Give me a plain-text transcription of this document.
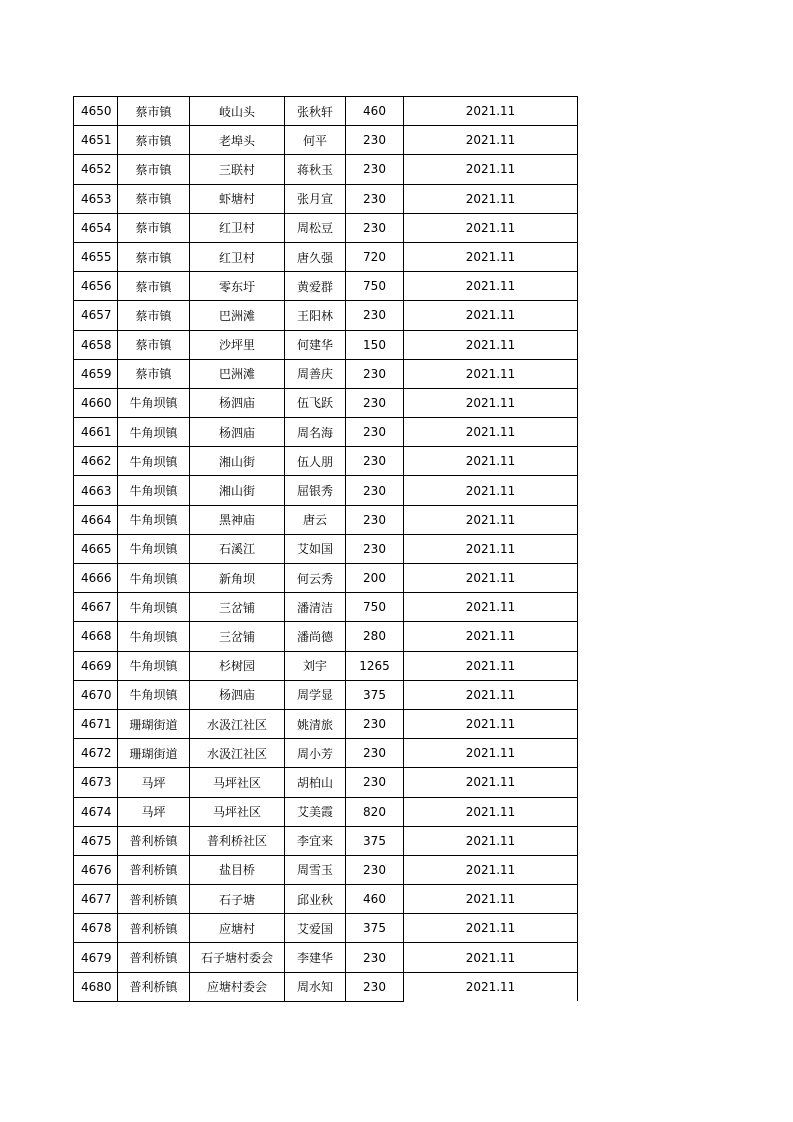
4650	蔡市镇	岐山头	张秋轩	460	2021.11
4651	蔡市镇	老埠头	何平	230	2021.11
4652	蔡市镇	三联村	蒋秋玉	230	2021.11
4653	蔡市镇	虾塘村	张月宣	230	2021.11
4654	蔡市镇	红卫村	周松豆	230	2021.11
4655	蔡市镇	红卫村	唐久强	720	2021.11
4656	蔡市镇	零东圩	黄爱群	750	2021.11
4657	蔡市镇	巴洲滩	王阳林	230	2021.11
4658	蔡市镇	沙坪里	何建华	150	2021.11
4659	蔡市镇	巴洲滩	周善庆	230	2021.11
4660	牛角坝镇	杨泗庙	伍飞跃	230	2021.11
4661	牛角坝镇	杨泗庙	周名海	230	2021.11
4662	牛角坝镇	湘山街	伍人朋	230	2021.11
4663	牛角坝镇	湘山街	屈银秀	230	2021.11
4664	牛角坝镇	黑神庙	唐云	230	2021.11
4665	牛角坝镇	石溪江	艾如国	230	2021.11
4666	牛角坝镇	新角坝	何云秀	200	2021.11
4667	牛角坝镇	三岔铺	潘清洁	750	2021.11
4668	牛角坝镇	三岔铺	潘尚德	280	2021.11
4669	牛角坝镇	杉树园	刘宇	1265	2021.11
4670	牛角坝镇	杨泗庙	周学显	375	2021.11
4671	珊瑚街道	水汲江社区	姚清旅	230	2021.11
4672	珊瑚街道	水汲江社区	周小芳	230	2021.11
4673	马坪	马坪社区	胡柏山	230	2021.11
4674	马坪	马坪社区	艾美霞	820	2021.11
4675	普利桥镇	普利桥社区	李宜来	375	2021.11
4676	普利桥镇	盐目桥	周雪玉	230	2021.11
4677	普利桥镇	石子塘	邱业秋	460	2021.11
4678	普利桥镇	应塘村	艾爱国	375	2021.11
4679	普利桥镇	石子塘村委会	李建华	230	2021.11
4680	普利桥镇	应塘村委会	周水知	230	2021.11
